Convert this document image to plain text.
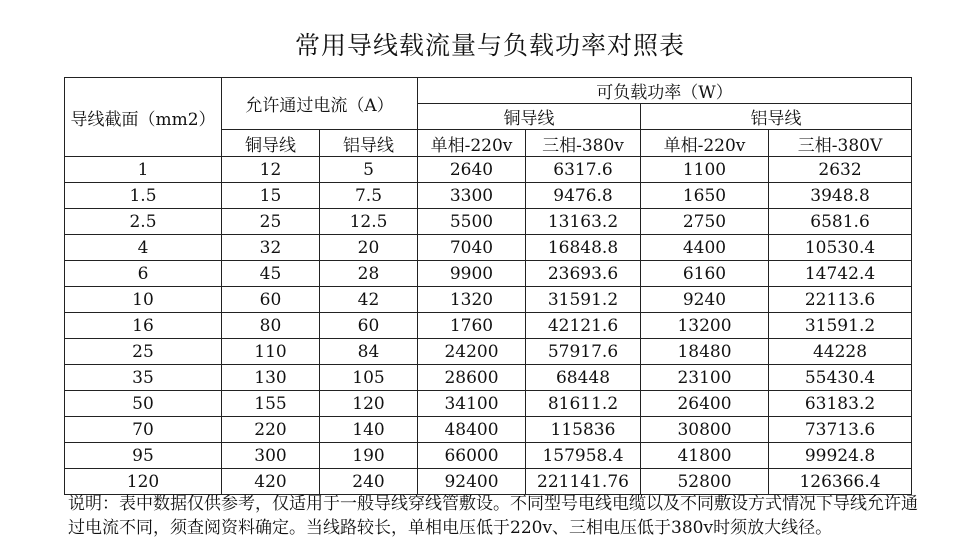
常用导线载流量与负载功率对照表
导线截面（mm2）	允许通过电流（A）		可负载功率（W）			
			铜导线		铝导线	
	铜导线	铝导线	单相-220v	三相-380v	单相-220v	三相-380V
1	12	5	2640	6317.6	1100	2632
1.5	15	7.5	3300	9476.8	1650	3948.8
2.5	25	12.5	5500	13163.2	2750	6581.6
4	32	20	7040	16848.8	4400	10530.4
6	45	28	9900	23693.6	6160	14742.4
10	60	42	1320	31591.2	9240	22113.6
16	80	60	1760	42121.6	13200	31591.2
25	110	84	24200	57917.6	18480	44228
35	130	105	28600	68448	23100	55430.4
50	155	120	34100	81611.2	26400	63183.2
70	220	140	48400	115836	30800	73713.6
95	300	190	66000	157958.4	41800	99924.8
120	420	240	92400	221141.76	52800	126366.4
说明：表中数据仅供参考，仅适用于一般导线穿线管敷设。不同型号电线电缆以及不同敷设方式情况下导线允许通过电流不同，须查阅资料确定。当线路较长，单相电压低于220v、三相电压低于380v时须放大线径。
